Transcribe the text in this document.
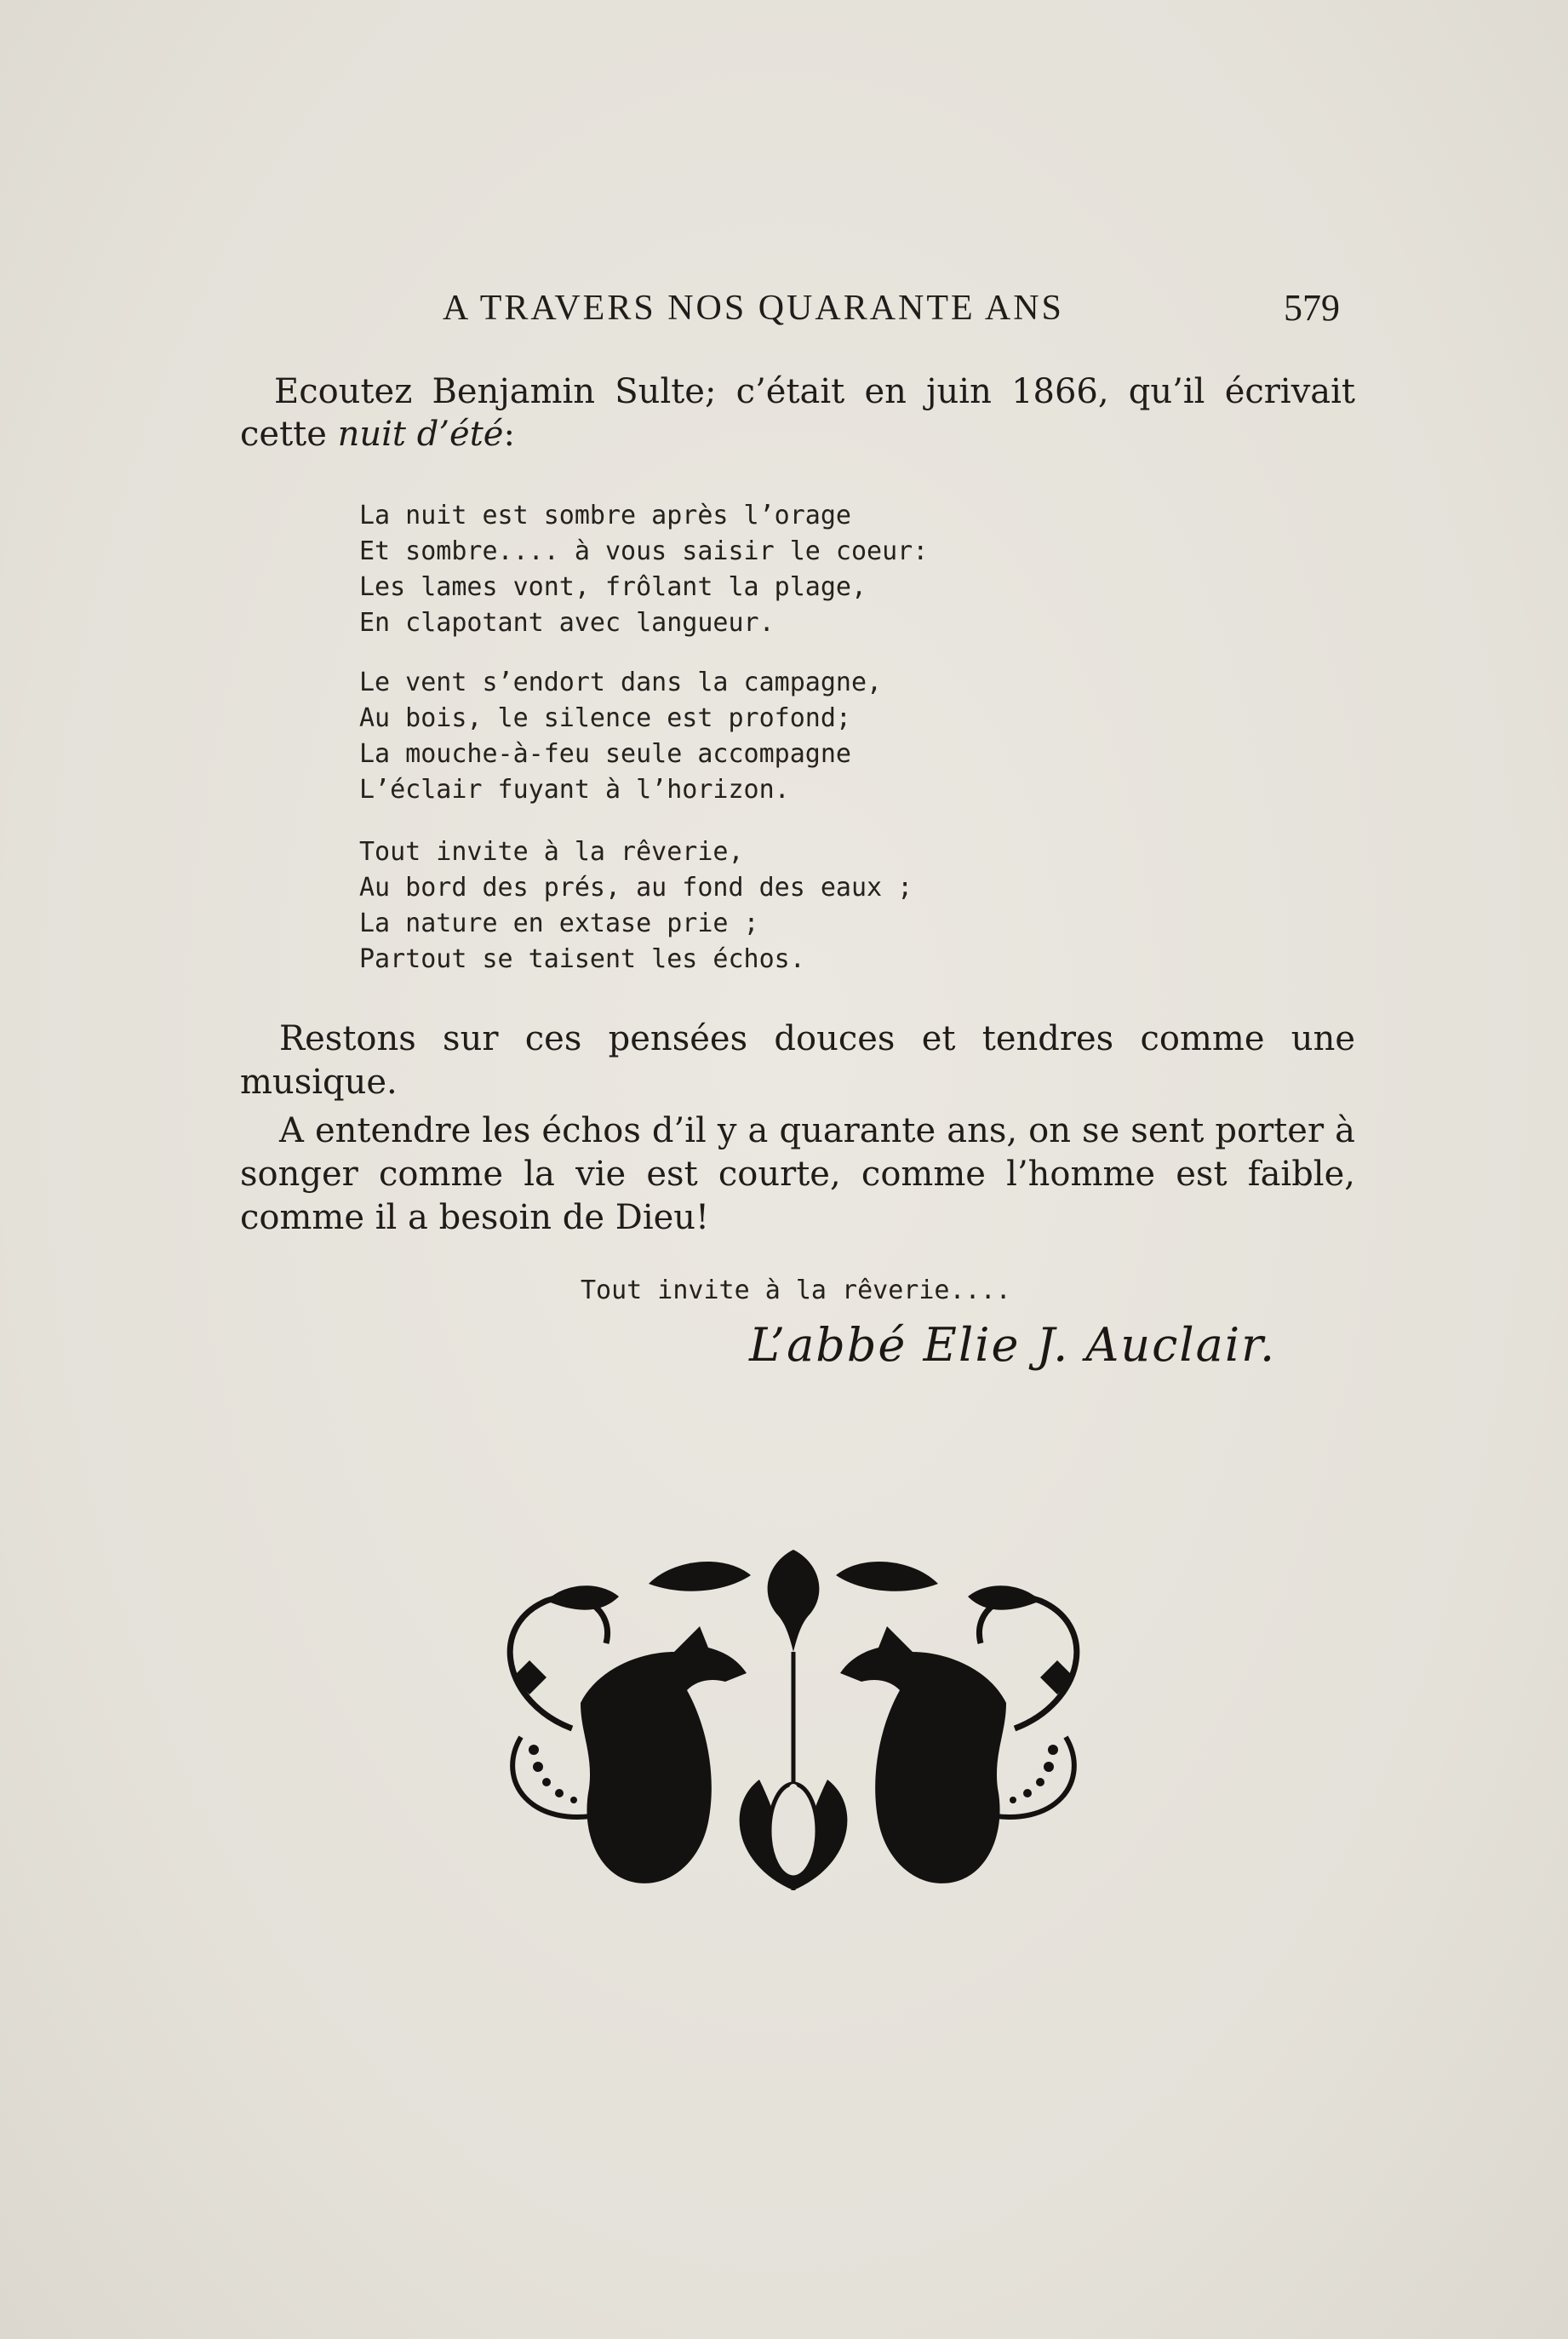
A TRAVERS NOS QUARANTE ANS	579
Ecoutez Benjamin Sulte; c’était en juin 1866, qu’il écrivait cette nuit d’été:
La nuit est sombre après l’orage
Et sombre.... à vous saisir le coeur:
Les lames vont, frôlant la plage,
En clapotant avec langueur.
Le vent s’endort dans la campagne,
Au bois, le silence est profond;
La mouche-à-feu seule accompagne
L’éclair fuyant à l’horizon.
Tout invite à la rêverie,
Au bord des prés, au fond des eaux ;
La nature en extase prie ;
Partout se taisent les échos.

Restons sur ces pensées douces et tendres comme une musique.

A entendre les échos d’il y a quarante ans, on se sent porter à songer comme la vie est courte, comme l’homme est faible, comme il a besoin de Dieu!

Tout invite à la rêverie....
L’abbé Elie J. Auclair.
